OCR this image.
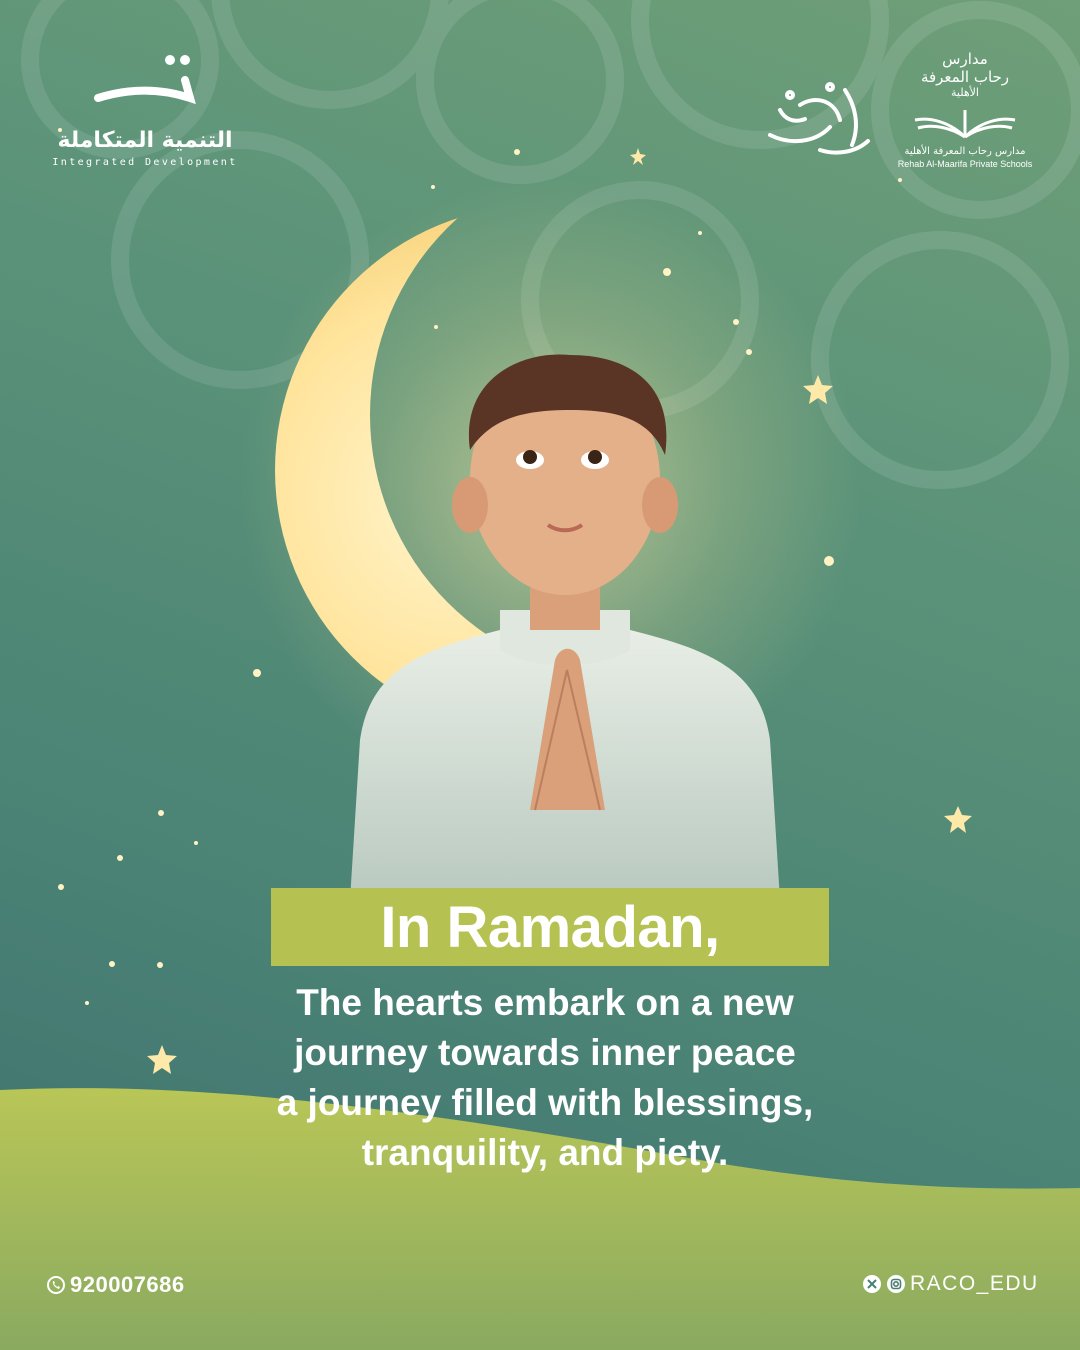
التنمية المتكاملة
Integrated Development
مدارس
رحاب المعرفة
الأهلية
مدارس رحاب المعرفة الأهلية
Rehab Al-Maarifa Private Schools
In Ramadan,
The hearts embark on a new
journey towards inner peace
a journey filled with blessings,
tranquility, and piety.
920007686	RACO_EDU
